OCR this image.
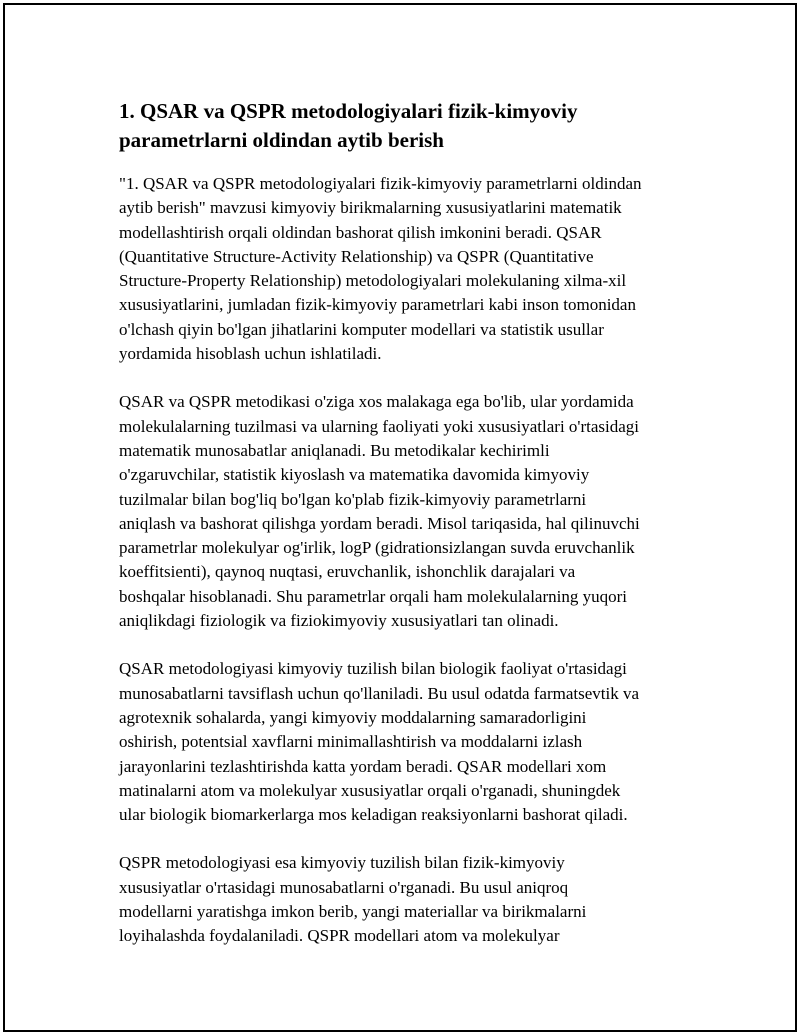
1. QSAR va QSPR metodologiyalari fizik-kimyoviy
parametrlarni oldindan aytib berish

"1. QSAR va QSPR metodologiyalari fizik-kimyoviy parametrlarni oldindan
aytib berish" mavzusi kimyoviy birikmalarning xususiyatlarini matematik
modellashtirish orqali oldindan bashorat qilish imkonini beradi. QSAR
(Quantitative Structure-Activity Relationship) va QSPR (Quantitative
Structure-Property Relationship) metodologiyalari molekulaning xilma-xil
xususiyatlarini, jumladan fizik-kimyoviy parametrlari kabi inson tomonidan
o'lchash qiyin bo'lgan jihatlarini komputer modellari va statistik usullar
yordamida hisoblash uchun ishlatiladi.

QSAR va QSPR metodikasi o'ziga xos malakaga ega bo'lib, ular yordamida
molekulalarning tuzilmasi va ularning faoliyati yoki xususiyatlari o'rtasidagi
matematik munosabatlar aniqlanadi. Bu metodikalar kechirimli
o'zgaruvchilar, statistik kiyoslash va matematika davomida kimyoviy
tuzilmalar bilan bog'liq bo'lgan ko'plab fizik-kimyoviy parametrlarni
aniqlash va bashorat qilishga yordam beradi. Misol tariqasida, hal qilinuvchi
parametrlar molekulyar og'irlik, logP (gidrationsizlangan suvda eruvchanlik
koeffitsienti), qaynoq nuqtasi, eruvchanlik, ishonchlik darajalari va
boshqalar hisoblanadi. Shu parametrlar orqali ham molekulalarning yuqori
aniqlikdagi fiziologik va fiziokimyoviy xususiyatlari tan olinadi.

QSAR metodologiyasi kimyoviy tuzilish bilan biologik faoliyat o'rtasidagi
munosabatlarni tavsiflash uchun qo'llaniladi. Bu usul odatda farmatsevtik va
agrotexnik sohalarda, yangi kimyoviy moddalarning samaradorligini
oshirish, potentsial xavflarni minimallashtirish va moddalarni izlash
jarayonlarini tezlashtirishda katta yordam beradi. QSAR modellari xom
matinalarni atom va molekulyar xususiyatlar orqali o'rganadi, shuningdek
ular biologik biomarkerlarga mos keladigan reaksiyonlarni bashorat qiladi.

QSPR metodologiyasi esa kimyoviy tuzilish bilan fizik-kimyoviy
xususiyatlar o'rtasidagi munosabatlarni o'rganadi. Bu usul aniqroq
modellarni yaratishga imkon berib, yangi materiallar va birikmalarni
loyihalashda foydalaniladi. QSPR modellari atom va molekulyar
